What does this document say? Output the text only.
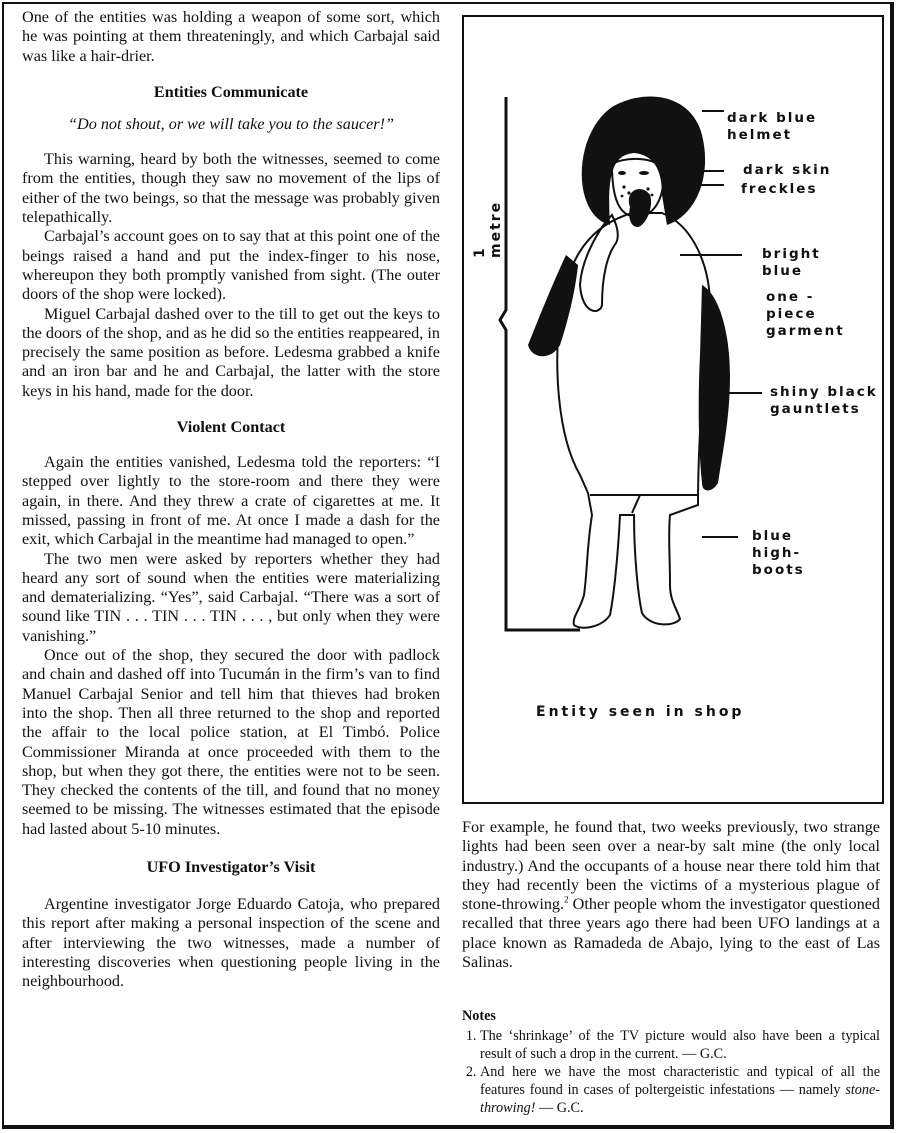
One of the entities was holding a weapon of some sort, which he was pointing at them threateningly, and which Carbajal said was like a hair-drier.

Entities Communicate

“Do not shout, or we will take you to the saucer!”

This warning, heard by both the witnesses, seemed to come from the entities, though they saw no movement of the lips of either of the two beings, so that the message was probably given telepathically.

Carbajal’s account goes on to say that at this point one of the beings raised a hand and put the index-finger to his nose, whereupon they both promptly vanished from sight. (The outer doors of the shop were locked).

Miguel Carbajal dashed over to the till to get out the keys to the doors of the shop, and as he did so the entities reappeared, in precisely the same position as before. Ledesma grabbed a knife and an iron bar and he and Carbajal, the latter with the store keys in his hand, made for the door.

Violent Contact

Again the entities vanished, Ledesma told the reporters: “I stepped over lightly to the store-room and there they were again, in there. And they threw a crate of cigarettes at me. It missed, passing in front of me. At once I made a dash for the exit, which Carbajal in the meantime had managed to open.”

The two men were asked by reporters whether they had heard any sort of sound when the entities were materializing and dematerializing. “Yes”, said Carbajal. “There was a sort of sound like TIN . . . TIN . . . TIN . . . , but only when they were vanishing.”

Once out of the shop, they secured the door with padlock and chain and dashed off into Tucumán in the firm’s van to find Manuel Carbajal Senior and tell him that thieves had broken into the shop. Then all three returned to the shop and reported the affair to the local police station, at El Timbó. Police Commissioner Miranda at once proceeded with them to the shop, but when they got there, the entities were not to be seen. They checked the contents of the till, and found that no money seemed to be missing. The witnesses estimated that the episode had lasted about 5-10 minutes.

UFO Investigator’s Visit

Argentine investigator Jorge Eduardo Catoja, who prepared this report after making a personal inspection of the scene and after interviewing the two witnesses, made a number of interesting discoveries when questioning people living in the neighbourhood.

1 metre
dark blue helmet
dark skin
freckles
bright blue
one - piece garment
shiny black gauntlets
blue high- boots
Entity seen in shop

For example, he found that, two weeks previously, two strange lights had been seen over a near-by salt mine (the only local industry.) And the occupants of a house near there told him that they had recently been the victims of a mysterious plague of stone-throwing.$^2$ Other people whom the investigator questioned recalled that three years ago there had been UFO landings at a place known as Ramadeda de Abajo, lying to the east of Las Salinas.

Notes
1. The ‘shrinkage’ of the TV picture would also have been a typical result of such a drop in the current. — G.C.
2. And here we have the most characteristic and typical of all the features found in cases of poltergeistic infestations — namely stone-throwing! — G.C.
